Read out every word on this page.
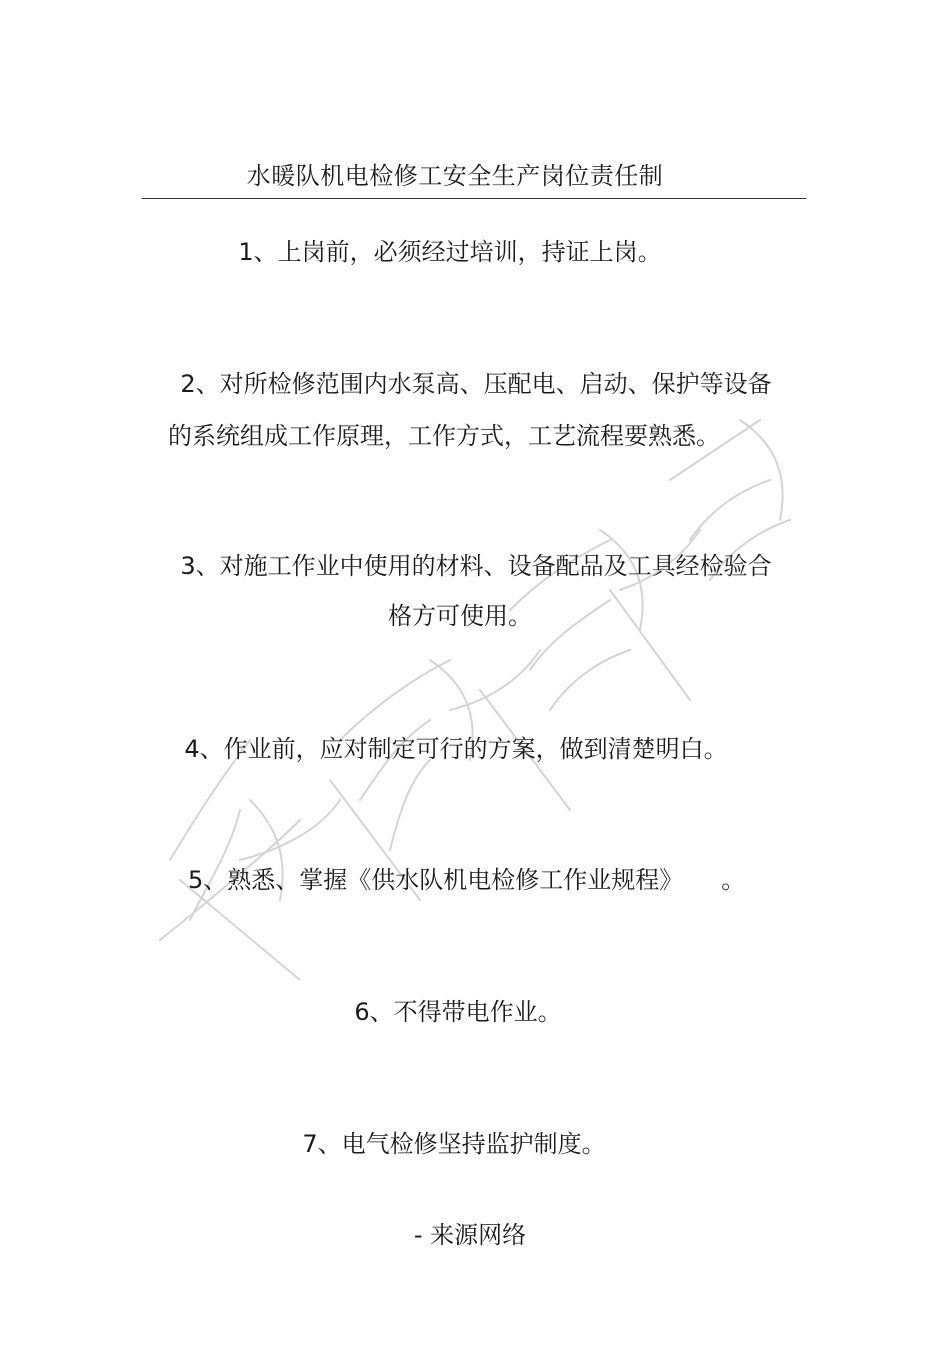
水暖队机电检修工安全生产岗位责任制
1、上岗前，必须经过培训，持证上岗。
2、对所检修范围内水泵高、压配电、启动、保护等设备
的系统组成工作原理，工作方式，工艺流程要熟悉。
3、对施工作业中使用的材料、设备配品及工具经检验合
格方可使用。
4、作业前，应对制定可行的方案，做到清楚明白。
5、熟悉、掌握《供水队机电检修工作业规程》 。
6、不得带电作业。
7、电气检修坚持监护制度。
- 来源网络
